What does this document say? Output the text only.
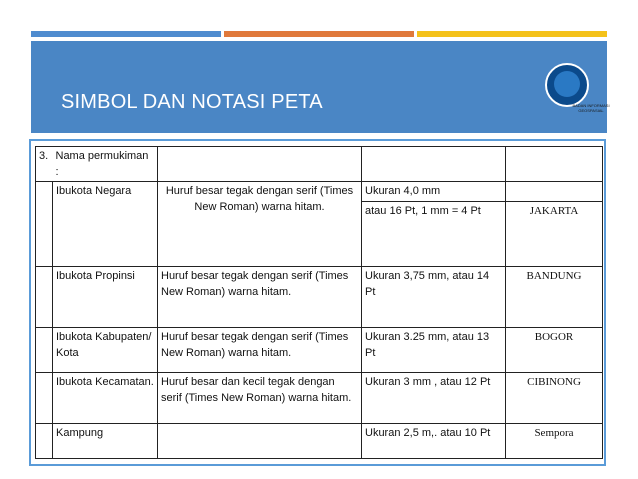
SIMBOL DAN NOTASI PETA	BADAN INFORMASI
GEOSPASIAL
3.	Nama permukiman :			
	Ibukota Negara	Huruf besar tegak dengan serif (Times New Roman) warna hitam.	Ukuran 4,0 mm	
			atau 16 Pt, 1 mm = 4 Pt	JAKARTA
	Ibukota Propinsi	Huruf besar tegak dengan serif (Times New Roman) warna hitam.	Ukuran 3,75 mm, atau 14 Pt	BANDUNG
	Ibukota Kabupaten/ Kota	Huruf besar tegak dengan serif (Times New Roman) warna hitam.	Ukuran 3.25 mm, atau 13 Pt	BOGOR
	Ibukota Kecamatan.	Huruf besar dan kecil tegak dengan serif (Times New Roman) warna hitam.	Ukuran 3 mm , atau 12 Pt	CIBINONG
	Kampung		Ukuran 2,5 m,. atau 10 Pt	Sempora
